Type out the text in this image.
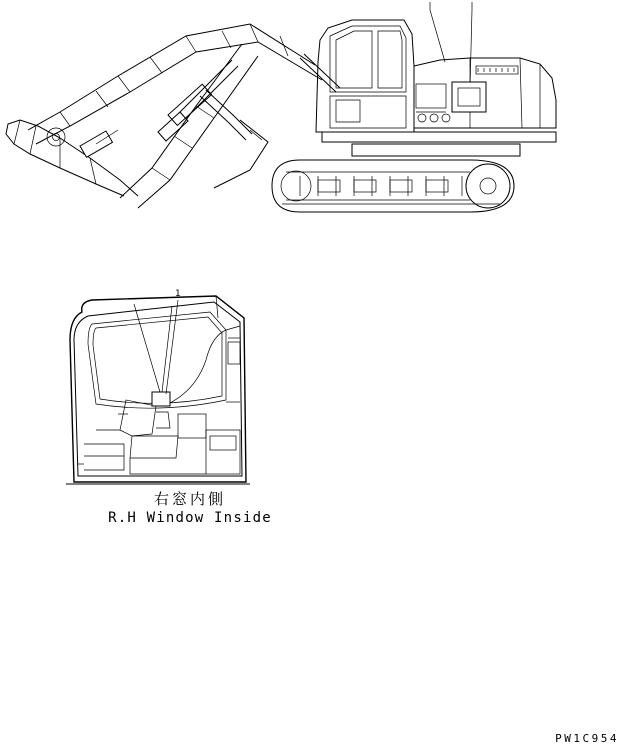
1
右窓内側
R.H Window Inside
PW1C954
